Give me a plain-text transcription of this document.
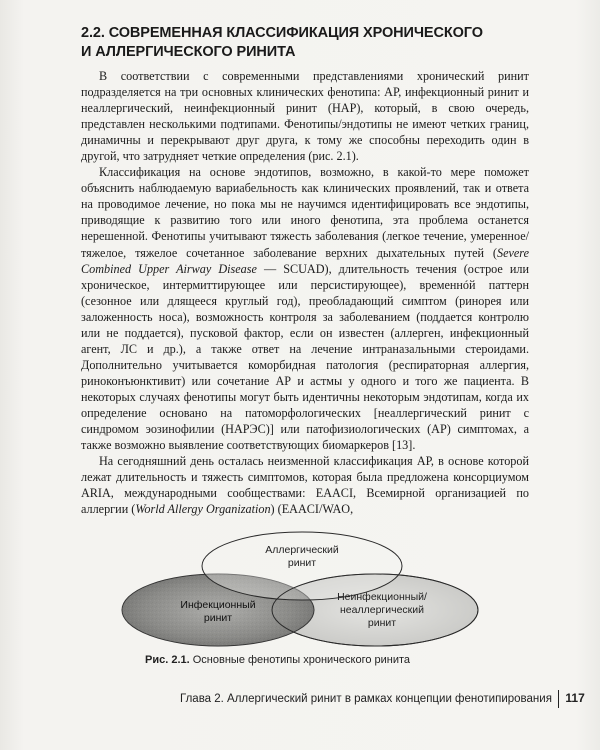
2.2. СОВРЕМЕННАЯ КЛАССИФИКАЦИЯ ХРОНИЧЕСКОГО
И АЛЛЕРГИЧЕСКОГО РИНИТА

В соответствии с современными представлениями хронический ринит подразделяется на три основных клинических фенотипа: АР, инфекционный ринит и неаллергический, неинфекционный ринит (НАР), который, в свою очередь, представлен несколькими подтипами. Фенотипы/эндотипы не имеют четких границ, динамичны и перекрывают друг друга, к тому же способны переходить один в другой, что затрудняет четкие определения (рис. 2.1).

Классификация на основе эндотипов, возможно, в какой-то мере поможет объяснить наблюдаемую вариабельность как клинических проявлений, так и ответа на проводимое лечение, но пока мы не научимся идентифицировать все эндотипы, приводящие к развитию того или иного фенотипа, эта проблема останется нерешенной. Фенотипы учитывают тяжесть заболевания (легкое течение, умеренное/тяжелое, тяжелое сочетанное заболевание верхних дыхательных путей (Severe Combined Upper Airway Disease — SCUAD), длительность течения (острое или хроническое, интермиттирующее или персистирующее), временнóй паттерн (сезонное или длящееся круглый год), преобладающий симптом (ринорея или заложенность носа), возможность контроля за заболеванием (поддается контролю или не поддается), пусковой фактор, если он известен (аллерген, инфекционный агент, ЛС и др.), а также ответ на лечение интраназальными стероидами. Дополнительно учитывается коморбидная патология (респираторная аллергия, риноконъюнктивит) или сочетание АР и астмы у одного и того же пациента. В некоторых случаях фенотипы могут быть идентичны некоторым эндотипам, когда их определение основано на патоморфологических [неаллергический ринит с синдромом эозинофилии (НАРЭС)] или патофизиологических (АР) симптомах, а также возможно выявление соответствующих биомаркеров [13].

На сегодняшний день осталась неизменной классификация АР, в основе которой лежат длительность и тяжесть симптомов, которая была предложена консорциумом ARIA, международными сообществами: EAACI, Всемирной организацией по аллергии (World Allergy Organization) (EAACI/WAO,

Аллергический
ринит
Инфекционный
ринит
Неинфекционный/
неаллергический
ринит
Рис. 2.1. Основные фенотипы хронического ринита
Глава 2. Аллергический ринит в рамках концепции фенотипирования 117
